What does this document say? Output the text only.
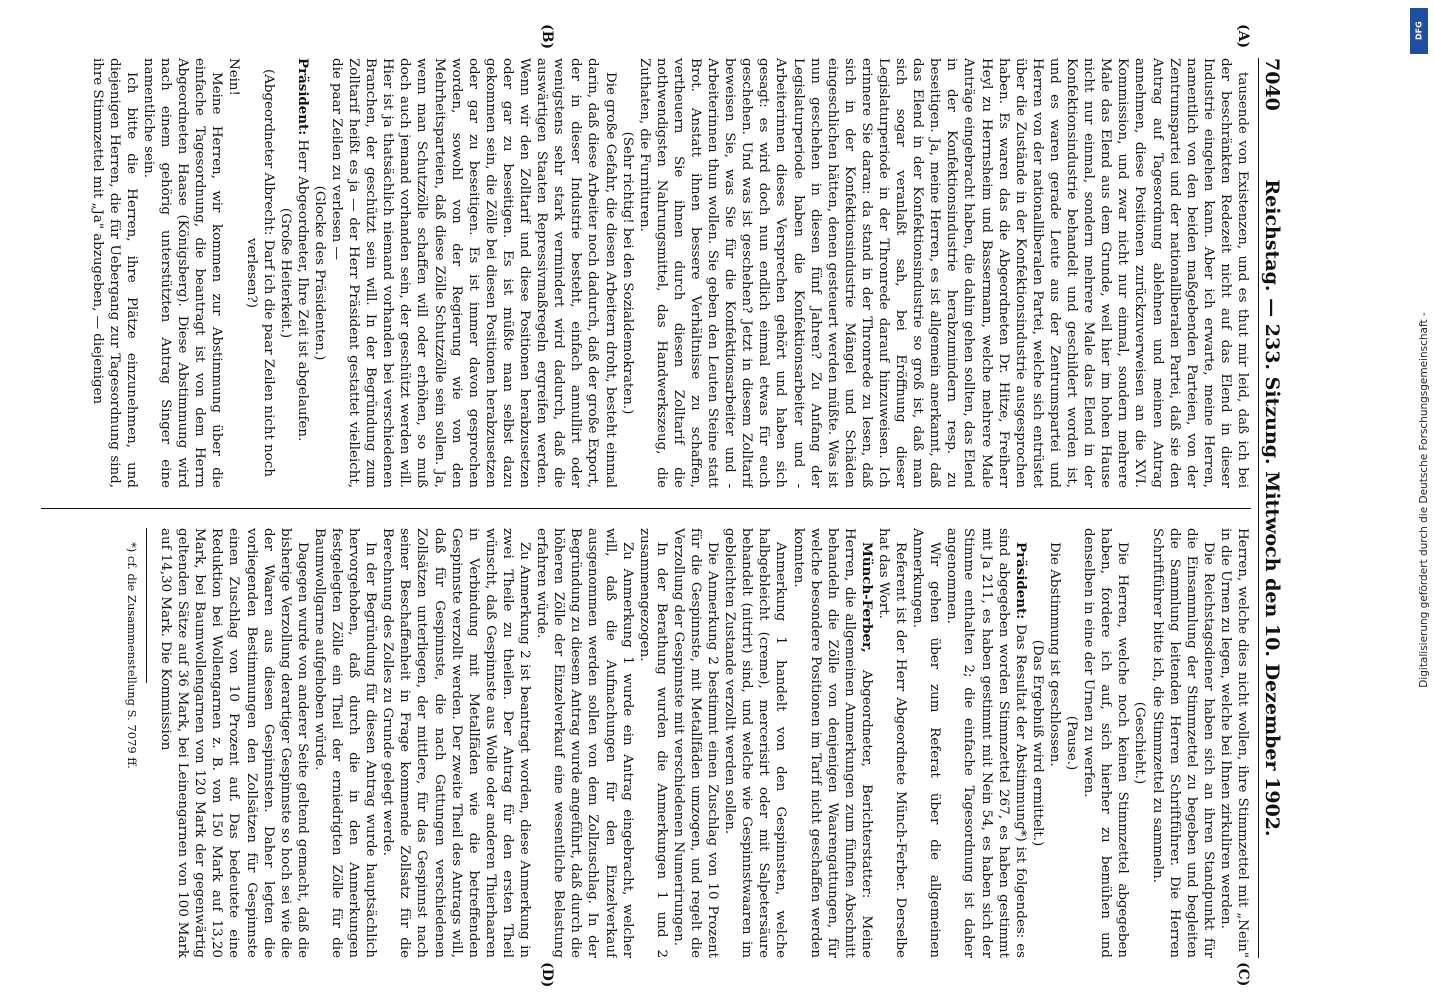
7040
Reichstag. — 233. Sitzung. Mittwoch den 10. Dezember 1902.
(A)
(B)
(C)
(D)

tausende von Existenzen, und es thut mir leid, daß ich bei der beschränkten Redezeit nicht auf das Elend in dieser Industrie eingehen kann. Aber ich erwarte, meine Herren, namentlich von den beiden maßgebenden Parteien, von der Zentrumspartei und der nationalliberalen Partei, daß sie den Antrag auf Tagesordnung ablehnen und meinen Antrag annehmen, diese Positionen zurückzuverweisen an die XVI. Kommission, und zwar nicht nur einmal, sondern mehrere Male das Elend aus dem Grunde, weil hier im hohen Hause nicht nur einmal, sondern mehrere Male das Elend in der Konfektionsindustrie behandelt und geschildert worden ist, und es waren gerade Leute aus der Zentrumspartei und Herren von der nationalliberalen Partei, welche sich entrüstet über die Zustände in der Konfektionsindustrie ausgesprochen haben. Es waren das die Abgeordneten Dr. Hitze, Freiherr Heyl zu Herrnsheim und Bassermann, welche mehrere Male Anträge eingebracht haben, die dahin gehen sollten, das Elend in der Konfektionsindustrie herabzumindern resp. zu beseitigen. Ja, meine Herren, es ist allgemein anerkannt, daß das Elend in der Konfektionsindustrie so groß ist, daß man sich sogar veranlaßt sah, bei Eröffnung dieser Legislaturperiode in der Thronrede darauf hinzuweisen. Ich erinnere Sie daran: da stand in der Thronrede zu lesen, daß sich in der Konfektionsindustrie Mängel und Schäden eingeschlichen hätten, denen gesteuert werden müßte. Was ist nun geschehen in diesen fünf Jahren? Zu Anfang der Legislaturperiode haben die Konfektionsarbeiter und -Arbeiterinnen dieses Versprechen gehört und haben sich gesagt: es wird doch nun endlich einmal etwas für euch geschehen. Und was ist geschehen? Jetzt in diesem Zolltarif beweisen Sie, was Sie für die Konfektionsarbeiter und -Arbeiterinnen thun wollen. Sie geben den Leuten Steine statt Brot. Anstatt ihnen bessere Verhältnisse zu schaffen, vertheuern Sie ihnen durch diesen Zolltarif die nothwendigsten Nahrungsmittel, das Handwerkszeug, die Zuthaten, die Furnituren.

(Sehr richtig! bei den Sozialdemokraten.)

Die große Gefahr, die diesen Arbeitern droht, besteht einmal darin, daß diese Arbeiter noch dadurch, daß der große Export, der in dieser Industrie besteht, einfach annullirt oder wenigstens sehr stark vermindert wird dadurch, daß die auswärtigen Staaten Repressivmaßregeln ergreifen werden. Wenn wir den Zolltarif und diese Positionen herabzusetzen oder gar zu beseitigen. Es ist müßte man selbst dazu gekommen sein, die Zölle bei diesen Positionen herabzusetzen oder gar zu beseitigen. Es ist immer davon gesprochen worden, sowohl von der Regierung wie von den Mehrheitsparteien, daß diese Zölle Schutzzölle sein sollen. Ja, wenn man Schutzzölle schaffen will oder erhöhen, so muß doch auch jemand vorhanden sein, der geschützt werden will. Hier ist ja thatsächlich niemand vorhanden bei verschiedenen Branchen, der geschützt sein will. In der Begründung zum Zolltarif heißt es ja — der Herr Präsident gestattet vielleicht, die paar Zeilen zu verlesen —

(Glocke des Präsidenten.)

Präsident: Herr Abgeordneter, Ihre Zeit ist abgelaufen.

(Große Heiterkeit.)

(Abgeordneter Albrecht: Darf ich die paar Zeilen nicht noch verlesen?)

Nein!

Meine Herren, wir kommen zur Abstimmung über die einfache Tagesordnung, die beantragt ist von dem Herrn Abgeordneten Haase (Königsberg). Diese Abstimmung wird nach einem gehörig unterstützten Antrag Singer eine namentliche sein.

Ich bitte die Herren, ihre Plätze einzunehmen, und diejenigen Herren, die für Uebergang zur Tagesordnung sind, ihre Stimmzettel mit „Ja" abzugeben, — diejenigen

Herren, welche dies nicht wollen, ihre Stimmzettel mit „Nein" in die Urnen zu legen, welche bei Ihnen zirkuliren werden.

Die Reichstagsdiener haben sich an ihren Standpunkt für die Einsammlung der Stimmzettel zu begeben und begleiten die Sammlung leitenden Herren Schriftführer. Die Herren Schriftführer bitte ich, die Stimmzettel zu sammeln.

(Geschieht.)

Die Herren, welche noch keinen Stimmzettel abgegeben haben, fordere ich auf, sich hierher zu bemühen und denselben in eine der Urnen zu werfen.

(Pause.)

Die Abstimmung ist geschlossen.

(Das Ergebniß wird ermittelt.)

Präsident: Das Resultat der Abstimmung*) ist folgendes: es sind abgegeben worden Stimmzettel 267, es haben gestimmt mit Ja 211, es haben gestimmt mit Nein 54, es haben sich der Stimme enthalten 2; die einfache Tagesordnung ist daher angenommen.

Wir gehen über zum Referat über die allgemeinen Anmerkungen.

Referent ist der Herr Abgeordnete Münch-Ferber. Derselbe hat das Wort.

Münch-Ferber, Abgeordneter, Berichterstatter: Meine Herren, die allgemeinen Anmerkungen zum fünften Abschnitt behandeln die Zölle von denjenigen Waarengattungen, für welche besondere Positionen im Tarif nicht geschaffen werden konnten.

Anmerkung 1 handelt von den Gespinnsten, welche halbgebleicht (creme), mercerisirt oder mit Salpetersäure behandelt (nitrirt) sind, und welche wie Gespinnstwaaren im gebleichten Zustande verzollt werden sollen.

Die Anmerkung 2 bestimmt einen Zuschlag von 10 Prozent für die Gespinnste, mit Metallfäden umzogen, und regelt die Verzollung der Gespinnste mit verschiedenen Numerirungen.

In der Berathung wurden die Anmerkungen 1 und 2 zusammengezogen.

Zu Anmerkung 1 wurde ein Antrag eingebracht, welcher will, daß die Aufmachungen für den Einzelverkauf ausgenommen werden sollen von dem Zollzuschlag. In der Begründung zu diesem Antrag wurde angeführt, daß durch die höheren Zölle der Einzelverkauf eine wesentliche Belastung erfahren würde.

Zu Anmerkung 2 ist beantragt worden, diese Anmerkung in zwei Theile zu theilen. Der Antrag für den ersten Theil wünscht, daß Gespinnste aus Wolle oder anderen Thierhaaren in Verbindung mit Metallfäden wie die betreffenden Gespinnste verzollt werden. Der zweite Theil des Antrags will, daß für Gespinnste, die nach Gattungen verschiedenen Zollsätzen unterliegen, der mittlere, für das Gespinnst nach seiner Beschaffenheit in Frage kommende Zollsatz für die Berechnung des Zolles zu Grunde gelegt werde.

In der Begründung für diesen Antrag wurde hauptsächlich hervorgehoben, daß durch die in den Anmerkungen festgelegten Zölle ein Theil der erniedrigten Zölle für die Baumwollgarne aufgehoben würde.

Dagegen wurde von anderer Seite geltend gemacht, daß die bisherige Verzollung derartiger Gespinnste so hoch sei wie die der Waaren aus diesen Gespinnsten. Daher legten die vorliegenden Bestimmungen den Zollsätzen für Gespinnste einen Zuschlag von 10 Prozent auf. Das bedeutete eine Reduktion bei Wollengarnen z. B. von 150 Mark auf 13,20 Mark, bei Baumwollengarnen von 120 Mark der gegenwärtig geltenden Sätze auf 36 Mark, bei Leinengarnen von 100 Mark auf 14,30 Mark. Die Kommission

*) cf. die Zusammenstellung S. 7079 ff.

DFG
Digitalisierung gefördert durch die Deutsche Forschungsgemeinschaft -
